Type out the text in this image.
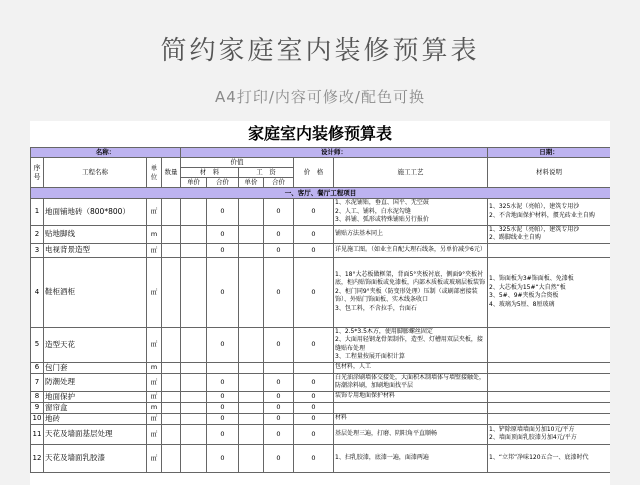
简约家庭室内装修预算表
A4打印/内容可修改/配色可换
家庭室内装修预算表
名称：				设计师：						日期：
序号	工程名称	单位	数量	价值				价　格	施工工艺	材料说明
				材　料		工　资				
				单价	合价	单价	合价			
一、客厅、餐厅工程项目										
1	地面铺地砖（800*800）	㎡			0		0	0	1、水泥铺贴，垂直、国平、无空鼓
2、人工、铺料，白水泥勾缝
3、斜铺、弧形或特殊铺贴另行报价	1、325水泥（亮帕），建筑专用沙
2、不含地面保护材料，掼光砖业主自购
2	贴地脚线	m			0		0	0	铺贴方法基本同上	1、325水泥（亮帕），建筑专用沙
2、踢脚线业主自购
3	电视背景造型	㎡			0		0	0	详见施工图。（如业主自配大理石线条，另单价减少6元）	
4	鞋柜酒柜	㎡			0		0	0	1、18°大芯板做框架，背面5°夹板衬底，侧面9°夹板衬底，柜内贴饰面板或免漆板，内部木质板或玻璃层板装饰
2、柜门同9°夹板（防变形处理）压制（或刷部密接装饰）、外贴门饰面板、实木线条收口
3、包工料，不含拉手，台面石	1、饰面板为3#饰面板、免漆板
2、大芯板为15#“大自然”板
3、5#、9#夹板为合资板
4、玻璃为5厘、8厘玻璃
5	造型天花	㎡			0		0	0	1、2.5*3.5木方，使用脚膨螺丝固定
2、大面用轻钢龙骨架制作，造型、灯槽用双层夹板，接缝贴布处理
3、工程量按展开面积计算	
6	包门套	m							包材料，人工	
7	防潮处理	㎡			0		0	0	白光油涂刷墙体交接处，大面积木制墙体与墙壁接触处，防潮涂料刷，加刷地面找平层	
8	地面保护	㎡			0		0	0	装饰专用地面保护材料	
9	窗帘盒	m			0		0	0		
10	地砖	㎡			0		0	0	材料	
11	天花及墙面基层处理	㎡			0		0	0	基层处理三遍，打磨、阴阳角平直顺畅	1、铲除原墙墙面另加10元/平方
2、墙面顶面乳胶漆另加4元/平方
12	天花及墙面乳胶漆	㎡			0		0	0	1、扫乳胶漆，底漆一遍，面漆两遍	1、“立邦”净味120五合一、底漆时代
